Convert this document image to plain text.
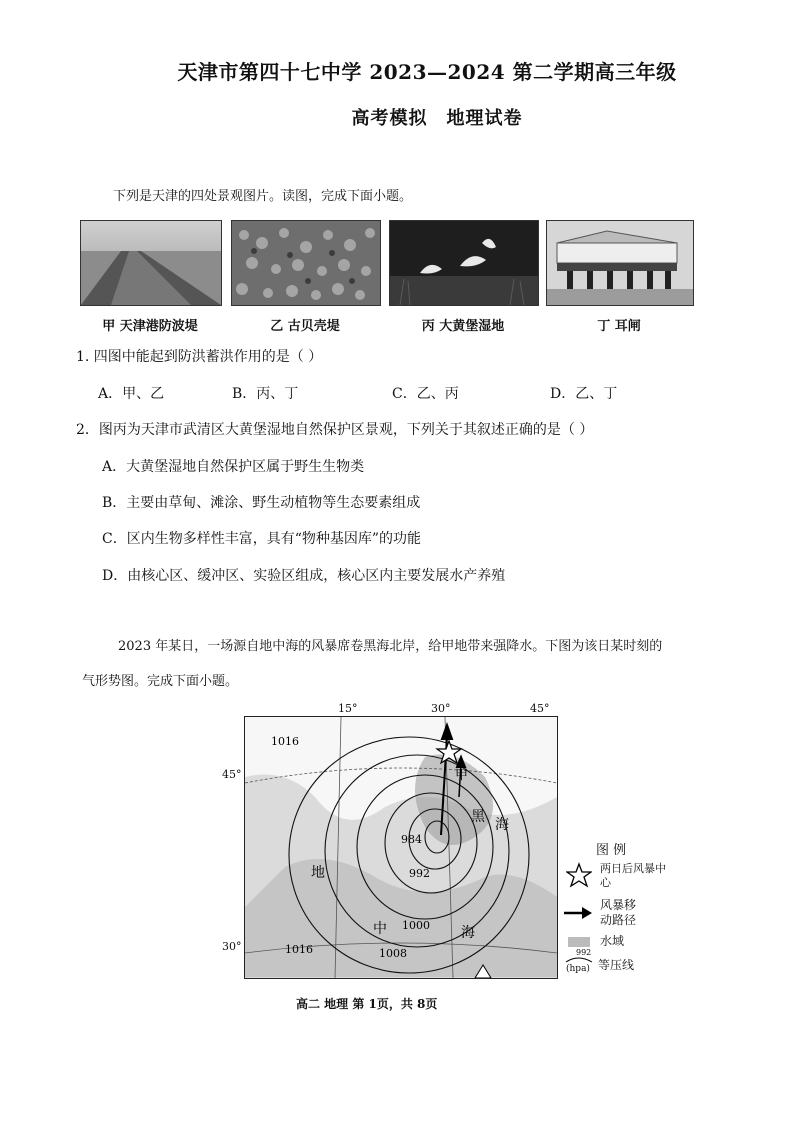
天津市第四十七中学 2023—2024 第二学期高三年级
高考模拟　地理试卷
下列是天津的四处景观图片。读图，完成下面小题。
甲 天津港防波堤	乙 古贝壳堤	丙 大黄堡湿地	丁 耳闸
1. 四图中能起到防洪蓄洪作用的是（ ）
A．甲、乙	B．丙、丁	C．乙、丙	D．乙、丁
2．图丙为天津市武清区大黄堡湿地自然保护区景观，下列关于其叙述正确的是（ ）
A．大黄堡湿地自然保护区属于野生生物类
B．主要由草甸、滩涂、野生动植物等生态要素组成
C．区内生物多样性丰富，具有“物种基因库”的功能
D．由核心区、缓冲区、实验区组成，核心区内主要发展水产养殖
2023 年某日，一场源自地中海的风暴席卷黑海北岸，给甲地带来强降水。下图为该日某时刻的
气形势图。完成下面小题。
15°	30°	45°
45°
30°
1016
984
992
1000
1008
1016
甲
黑 海
地
中	海
图 例
两日后风暴中心
风暴移动路径
水域
992
(hpa) 等压线
高二 地理 第 1页，共 8页
